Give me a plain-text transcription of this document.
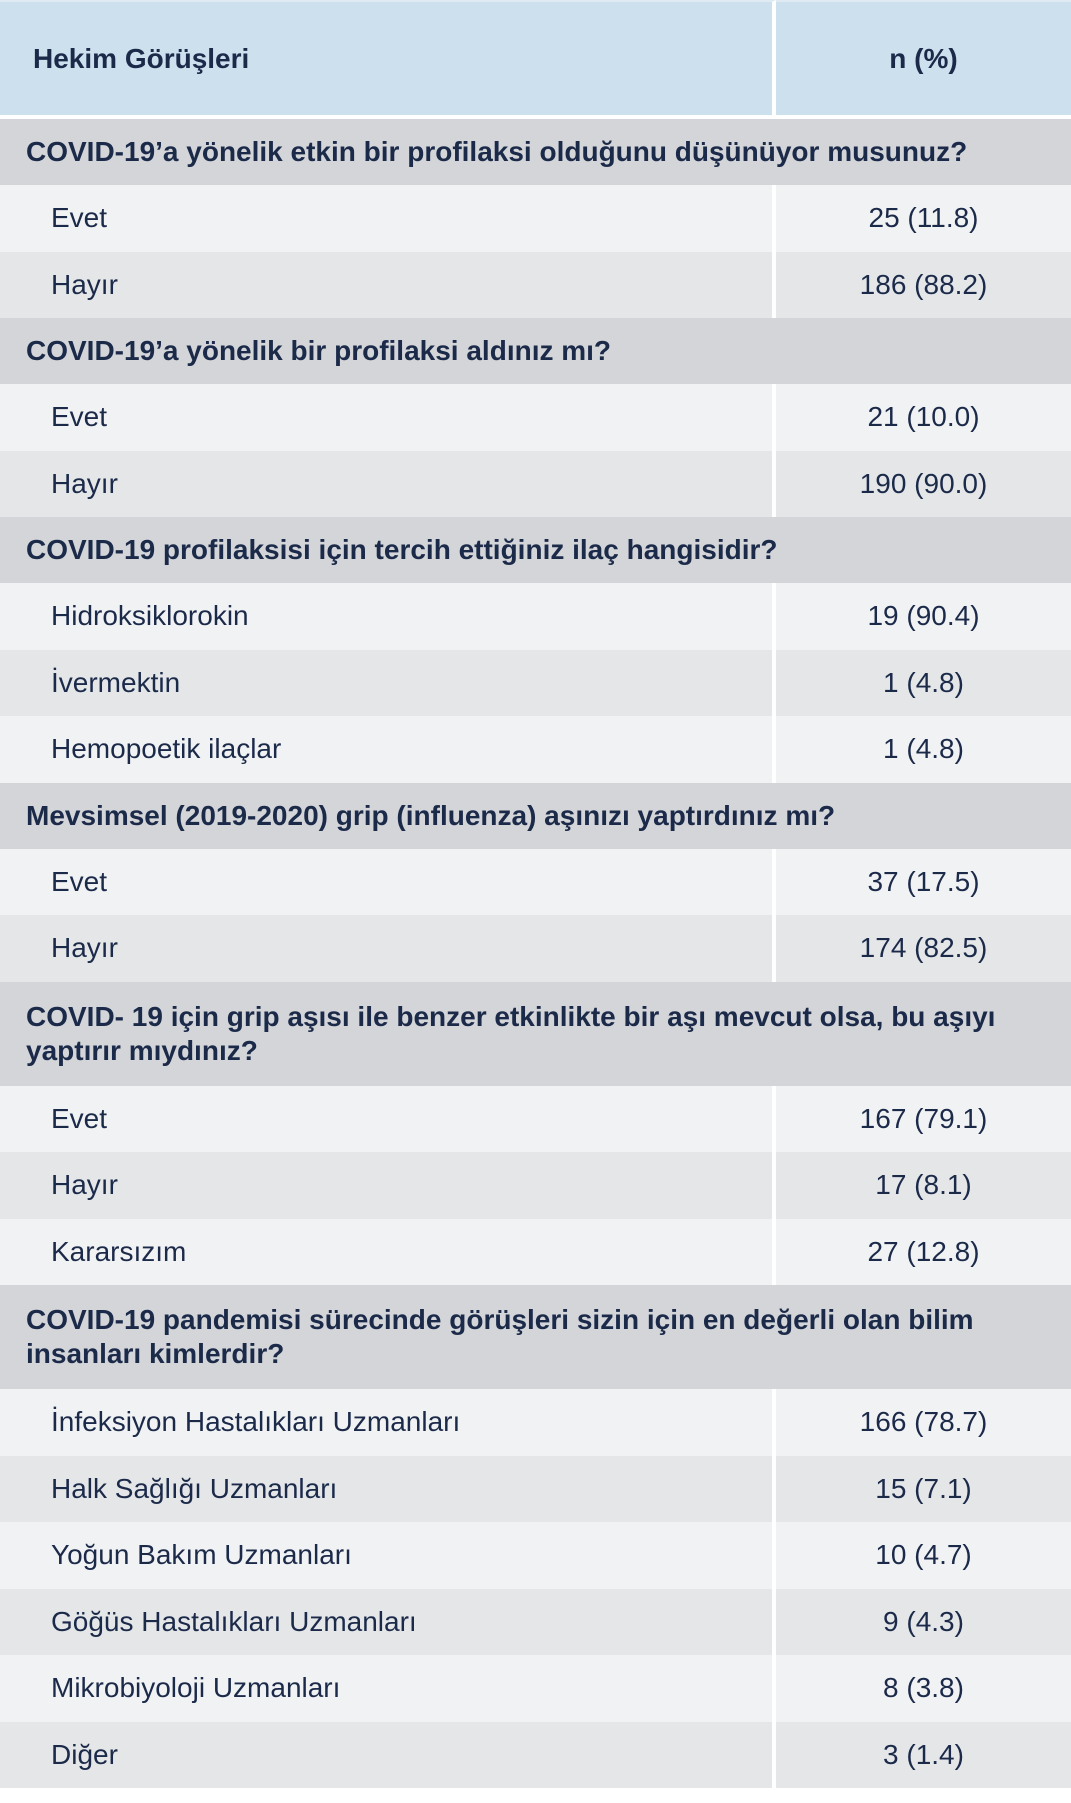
Hekim Görüşleri	n (%)
COVID-19’a yönelik etkin bir profilaksi olduğunu düşünüyor musunuz?
Evet	25 (11.8)
Hayır	186 (88.2)
COVID-19’a yönelik bir profilaksi aldınız mı?
Evet	21 (10.0)
Hayır	190 (90.0)
COVID-19 profilaksisi için tercih ettiğiniz ilaç hangisidir?
Hidroksiklorokin	19 (90.4)
İvermektin	1 (4.8)
Hemopoetik ilaçlar	1 (4.8)
Mevsimsel (2019-2020) grip (influenza) aşınızı yaptırdınız mı?
Evet	37 (17.5)
Hayır	174 (82.5)
COVID- 19 için grip aşısı ile benzer etkinlikte bir aşı mevcut olsa, bu aşıyı yaptırır mıydınız?
Evet	167 (79.1)
Hayır	17 (8.1)
Kararsızım	27 (12.8)
COVID-19 pandemisi sürecinde görüşleri sizin için en değerli olan bilim insanları kimlerdir?
İnfeksiyon Hastalıkları Uzmanları	166 (78.7)
Halk Sağlığı Uzmanları	15 (7.1)
Yoğun Bakım Uzmanları	10 (4.7)
Göğüs Hastalıkları Uzmanları	9 (4.3)
Mikrobiyoloji Uzmanları	8 (3.8)
Diğer	3 (1.4)
